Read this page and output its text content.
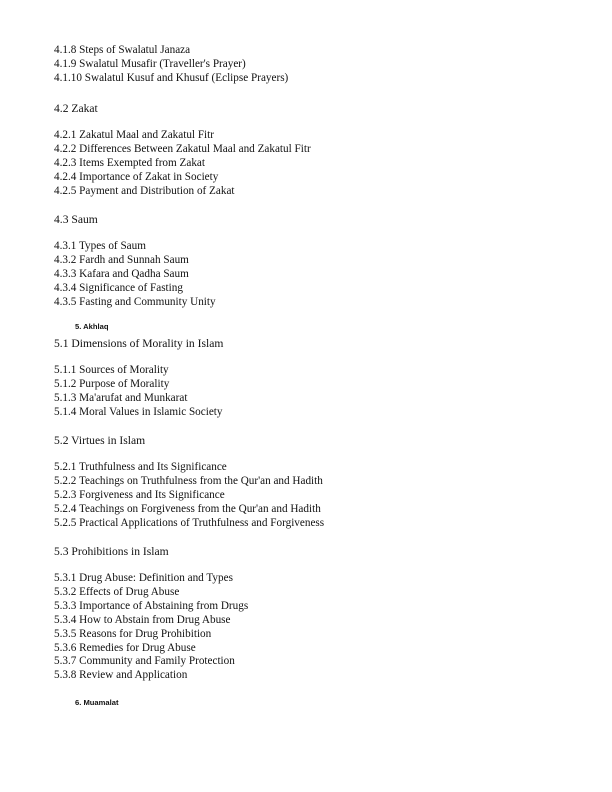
4.1.8 Steps of Swalatul Janaza
4.1.9 Swalatul Musafir (Traveller's Prayer)
4.1.10 Swalatul Kusuf and Khusuf (Eclipse Prayers)
4.2 Zakat
4.2.1 Zakatul Maal and Zakatul Fitr
4.2.2 Differences Between Zakatul Maal and Zakatul Fitr
4.2.3 Items Exempted from Zakat
4.2.4 Importance of Zakat in Society
4.2.5 Payment and Distribution of Zakat
4.3 Saum
4.3.1 Types of Saum
4.3.2 Fardh and Sunnah Saum
4.3.3 Kafara and Qadha Saum
4.3.4 Significance of Fasting
4.3.5 Fasting and Community Unity
5. Akhlaq
5.1 Dimensions of Morality in Islam
5.1.1 Sources of Morality
5.1.2 Purpose of Morality
5.1.3 Ma'arufat and Munkarat
5.1.4 Moral Values in Islamic Society
5.2 Virtues in Islam
5.2.1 Truthfulness and Its Significance
5.2.2 Teachings on Truthfulness from the Qur'an and Hadith
5.2.3 Forgiveness and Its Significance
5.2.4 Teachings on Forgiveness from the Qur'an and Hadith
5.2.5 Practical Applications of Truthfulness and Forgiveness
5.3 Prohibitions in Islam
5.3.1 Drug Abuse: Definition and Types
5.3.2 Effects of Drug Abuse
5.3.3 Importance of Abstaining from Drugs
5.3.4 How to Abstain from Drug Abuse
5.3.5 Reasons for Drug Prohibition
5.3.6 Remedies for Drug Abuse
5.3.7 Community and Family Protection
5.3.8 Review and Application
6. Muamalat
